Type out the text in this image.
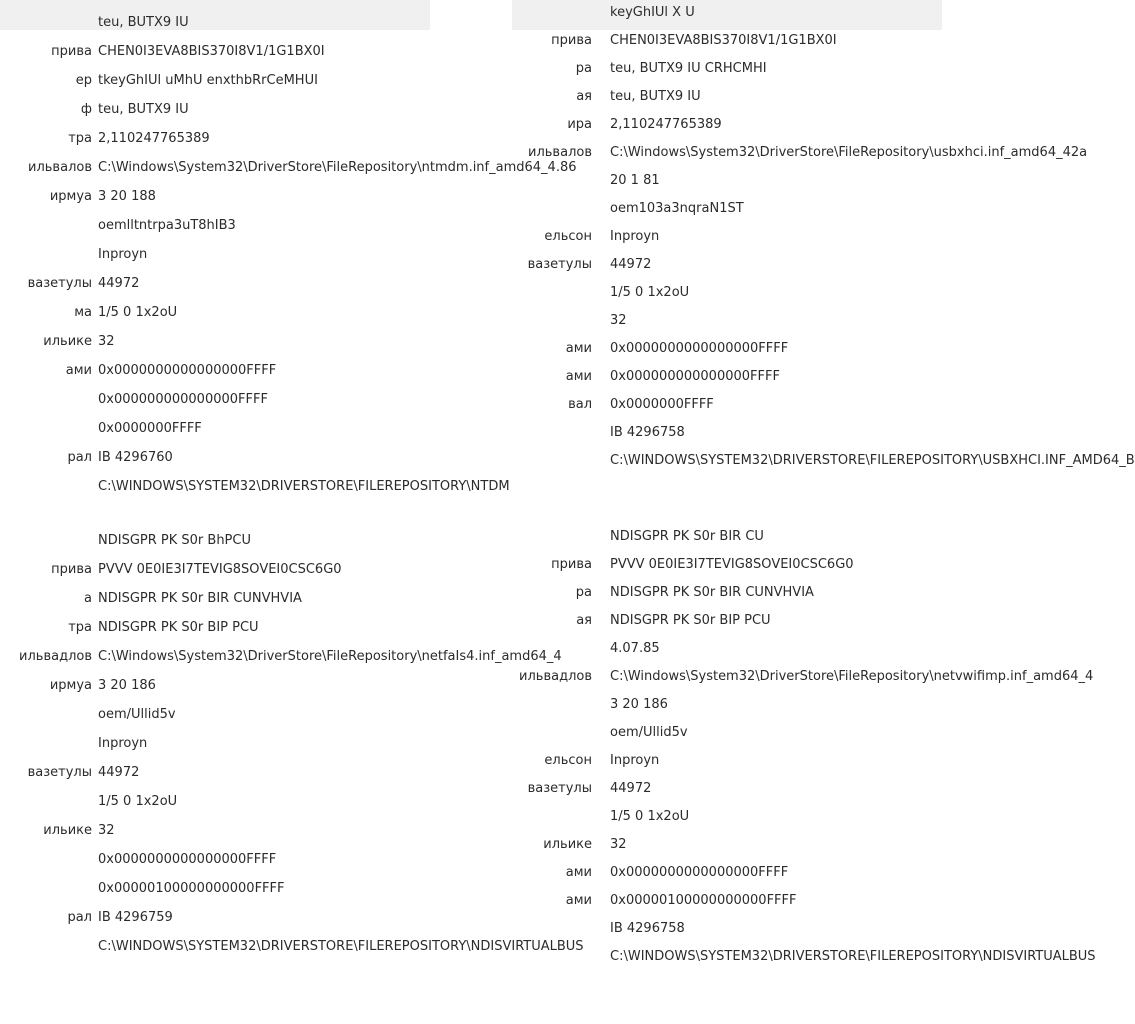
teu, BUTX9 IU
прива CHEN0I3EVA8BIS370I8V1/1G1BX0I
ер tkeyGhIUl uMhU enxthbRrCeMHUI
ф teu, BUTX9 IU
тра 2,110247765389
ильвалов C:\Windows\System32\DriverStore\FileRepository\ntmdm.inf_amd64_4.86
ирмуа 3 20 188
oemlltntrpa3uT8hIB3
Inproyn
вазетулы 44972
ма 1/5 0 1x2oU
ильике 32
ами 0x0000000000000000FFFF
0x000000000000000FFFF
0x0000000FFFF
рал IB 4296760
C:\WINDOWS\SYSTEM32\DRIVERSTORE\FILEREPOSITORY\NTDM
NDISGPR PK S0r BhPCU
прива PVVV 0E0IE3I7TEVIG8SOVEI0CSC6G0
а NDISGPR PK S0r BIR CUNVHVIA
тра NDISGPR PK S0r BIP PCU
ильвадлов C:\Windows\System32\DriverStore\FileRepository\netfaIs4.inf_amd64_4
ирмуа 3 20 186
oem/Ullid5v
Inproyn
вазетулы 44972
1/5 0 1x2oU
ильике 32
0x0000000000000000FFFF
0x00000100000000000FFFF
рал IB 4296759
C:\WINDOWS\SYSTEM32\DRIVERSTORE\FILEREPOSITORY\NDISVIRTUALBUS
keyGhIUl X U
прива CHEN0I3EVA8BIS370I8V1/1G1BX0I
ра teu, BUTX9 IU CRHCMHI
ая teu, BUTX9 IU
ира 2,110247765389
ильвалов C:\Windows\System32\DriverStore\FileRepository\usbxhci.inf_amd64_42a
20 1 81
oem103a3nqraN1ST
ельсон Inproyn
вазетулы 44972
1/5 0 1x2oU
32
ами 0x0000000000000000FFFF
ами 0x000000000000000FFFF
вал 0x0000000FFFF
IB 4296758
C:\WINDOWS\SYSTEM32\DRIVERSTORE\FILEREPOSITORY\USBXHCI.INF_AMD64_B
NDISGPR PK S0r BIR CU
прива PVVV 0E0IE3I7TEVIG8SOVEI0CSC6G0
ра NDISGPR PK S0r BIR CUNVHVIA
ая NDISGPR PK S0r BIP PCU
4.07.85
ильвадлов C:\Windows\System32\DriverStore\FileRepository\netvwifimp.inf_amd64_4
3 20 186
oem/Ullid5v
ельсон Inproyn
вазетулы 44972
1/5 0 1x2oU
ильике 32
ами 0x0000000000000000FFFF
ами 0x00000100000000000FFFF
IB 4296758
C:\WINDOWS\SYSTEM32\DRIVERSTORE\FILEREPOSITORY\NDISVIRTUALBUS
